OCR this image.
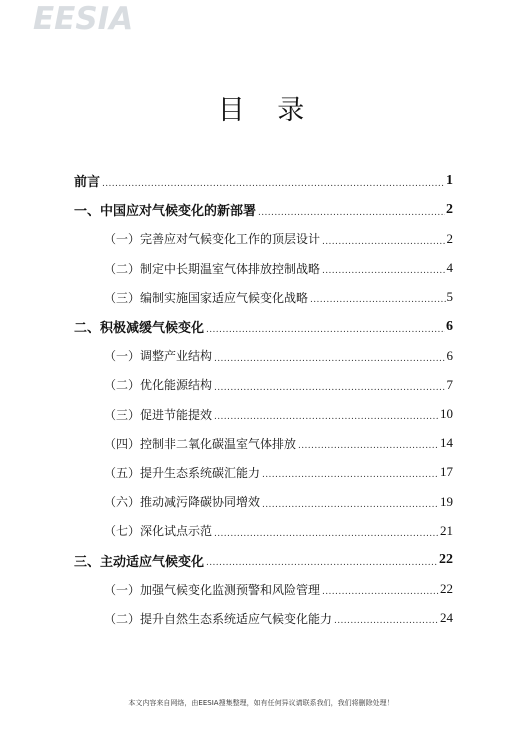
EESIA
目 录
前言 .....	1
一、中国应对气候变化的新部署 .....	2
（一）完善应对气候变化工作的顶层设计 .....	2
（二）制定中长期温室气体排放控制战略 .....	4
（三）编制实施国家适应气候变化战略 .....	5
二、积极减缓气候变化 .....	6
（一）调整产业结构 .....	6
（二）优化能源结构 .....	7
（三）促进节能提效 .....	10
（四）控制非二氧化碳温室气体排放 .....	14
（五）提升生态系统碳汇能力 .....	17
（六）推动减污降碳协同增效 .....	19
（七）深化试点示范 .....	21
三、主动适应气候变化 .....	22
（一）加强气候变化监测预警和风险管理 .....	22
（二）提升自然生态系统适应气候变化能力 .....	24
本文内容来自网络，由EESIA搜集整理，如有任何异议请联系我们，我们将删除处理！
